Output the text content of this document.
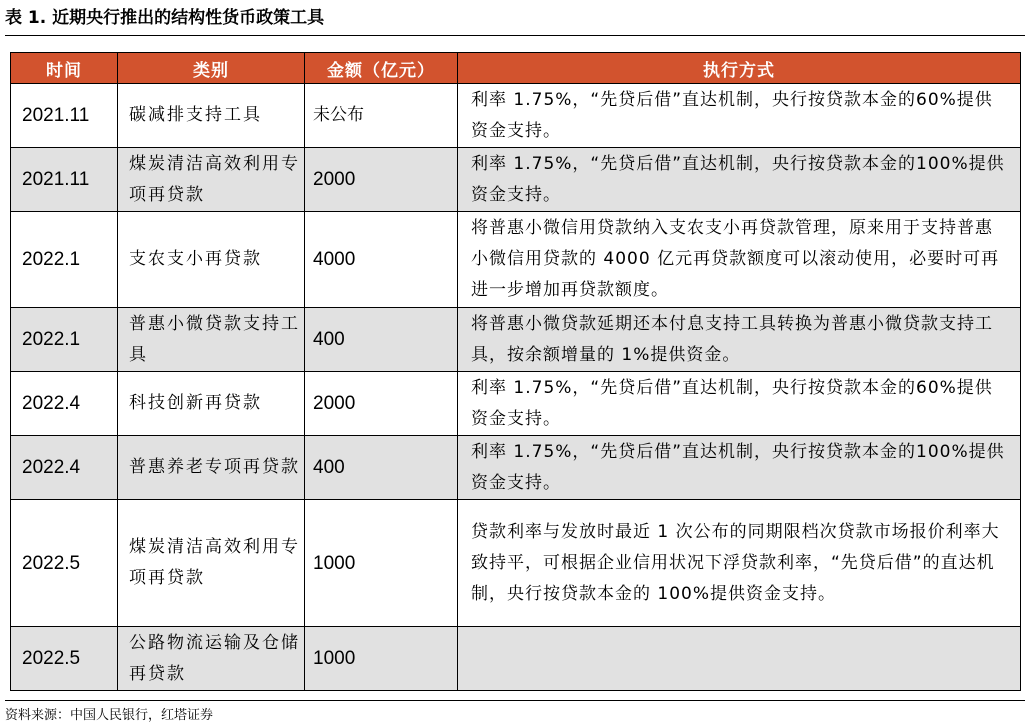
表 1. 近期央行推出的结构性货币政策工具
时间	类别	金额（亿元）	执行方式
2021.11	碳减排支持工具	未公布	利率 1.75%，“先贷后借”直达机制，央行按贷款本金的60%提供资金支持。
2021.11	煤炭清洁高效利用专项再贷款	2000	利率 1.75%，“先贷后借”直达机制，央行按贷款本金的100%提供资金支持。
2022.1	支农支小再贷款	4000	将普惠小微信用贷款纳入支农支小再贷款管理，原来用于支持普惠小微信用贷款的 4000 亿元再贷款额度可以滚动使用，必要时可再进一步增加再贷款额度。
2022.1	普惠小微贷款支持工具	400	将普惠小微贷款延期还本付息支持工具转换为普惠小微贷款支持工具，按余额增量的 1%提供资金。
2022.4	科技创新再贷款	2000	利率 1.75%，“先贷后借”直达机制，央行按贷款本金的60%提供资金支持。
2022.4	普惠养老专项再贷款	400	利率 1.75%，“先贷后借”直达机制，央行按贷款本金的100%提供资金支持。
2022.5	煤炭清洁高效利用专项再贷款	1000	贷款利率与发放时最近 1 次公布的同期限档次贷款市场报价利率大致持平，可根据企业信用状况下浮贷款利率，“先贷后借”的直达机制，央行按贷款本金的 100%提供资金支持。
2022.5	公路物流运输及仓储再贷款	1000	
资料来源：中国人民银行，红塔证券
